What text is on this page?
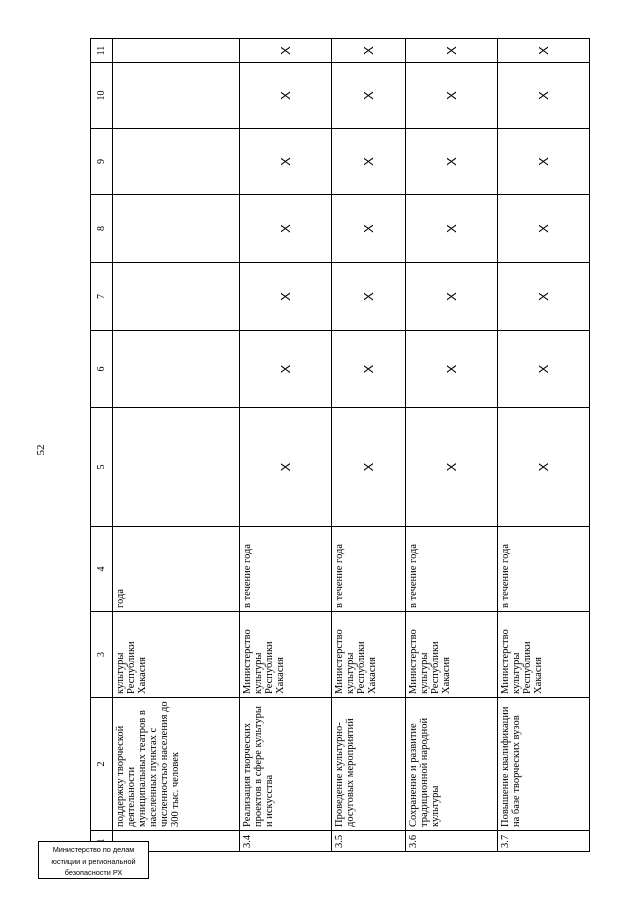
52
	2	3	4	5	6	7	8	9	10	11
	поддержку творческой деятельности муниципальных театров в населенных пунктах с численностью населения до 300 тыс. человек	культуры Республики Хакасия	года							
3.4	Реализация творческих проектов в сфере культуры и искусства	Министерство культуры Республики Хакасия	в течение года	X	X	X	X	X	X	X
3.5	Проведение культурно-досуговых мероприятий	Министерство культуры Республики Хакасия	в течение года	X	X	X	X	X	X	X
3.6	Сохранение и развитие традиционной народной культуры	Министерство культуры Республики Хакасия	в течение года	X	X	X	X	X	X	X
3.7	Повышение квалификации на базе творческих вузов	Министерство культуры Республики Хакасия	в течение года	X	X	X	X	X	X	X
Министерство по делам
юстиции и региональной
безопасности РХ
